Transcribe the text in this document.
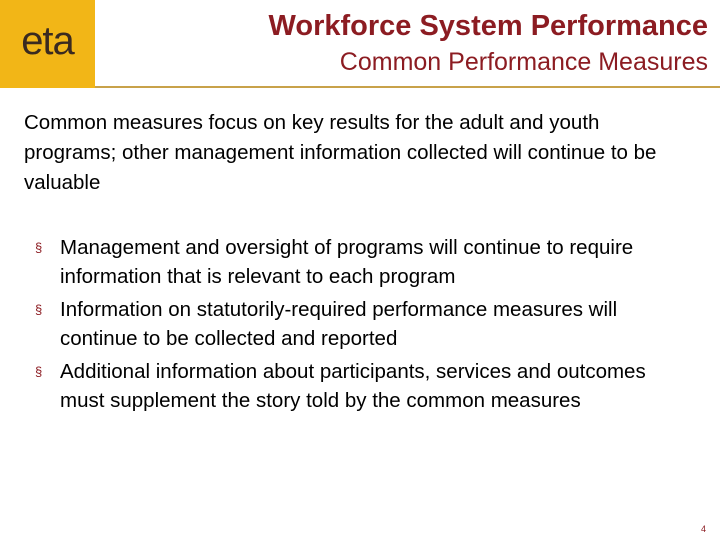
eta	Workforce System Performance
Common Performance Measures
Common measures focus on key results for the adult and youth programs; other management information collected will continue to be valuable
§ Management and oversight of programs will continue to require information that is relevant to each program
§ Information on statutorily-required performance measures will continue to be collected and reported
§ Additional information about participants, services and outcomes must supplement the story told by the common measures
4
